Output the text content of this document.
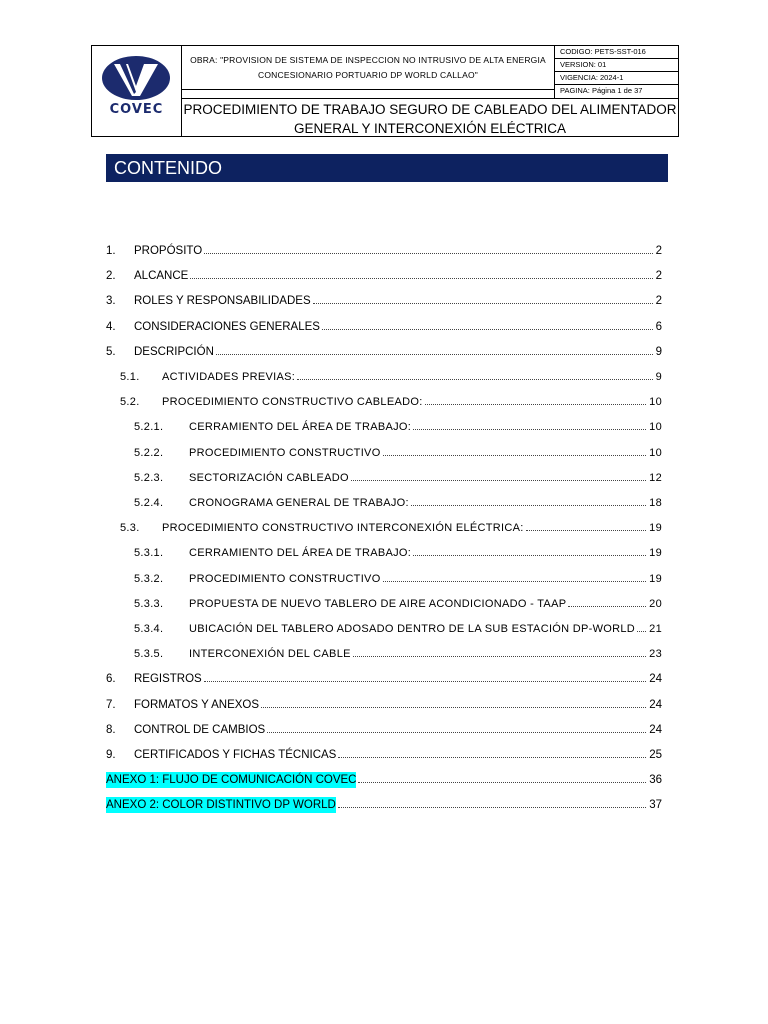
COVEC
OBRA: "PROVISION DE SISTEMA DE INSPECCION NO INTRUSIVO DE ALTA ENERGIA
CONCESIONARIO PORTUARIO DP WORLD CALLAO"
CODIGO: PETS-SST-016
VERSION: 01
VIGENCIA: 2024-1
PAGINA: Página 1 de 37
PROCEDIMIENTO DE TRABAJO SEGURO DE CABLEADO DEL ALIMENTADOR
GENERAL Y INTERCONEXIÓN ELÉCTRICA
CONTENIDO
1.	PROPÓSITO	2
2.	ALCANCE	2
3.	ROLES Y RESPONSABILIDADES	2
4.	CONSIDERACIONES GENERALES	6
5.	DESCRIPCIÓN	9
5.1.	ACTIVIDADES PREVIAS:	9
5.2.	PROCEDIMIENTO CONSTRUCTIVO CABLEADO:	10
5.2.1.	CERRAMIENTO DEL ÁREA DE TRABAJO:	10
5.2.2.	PROCEDIMIENTO CONSTRUCTIVO	10
5.2.3.	SECTORIZACIÓN CABLEADO	12
5.2.4.	CRONOGRAMA GENERAL DE TRABAJO:	18
5.3.	PROCEDIMIENTO CONSTRUCTIVO INTERCONEXIÓN ELÉCTRICA:	19
5.3.1.	CERRAMIENTO DEL ÁREA DE TRABAJO:	19
5.3.2.	PROCEDIMIENTO CONSTRUCTIVO	19
5.3.3.	PROPUESTA DE NUEVO TABLERO DE AIRE ACONDICIONADO - TAAP	20
5.3.4.	UBICACIÓN DEL TABLERO ADOSADO DENTRO DE LA SUB ESTACIÓN DP-WORLD 21
5.3.5.	INTERCONEXIÓN DEL CABLE	23
6.	REGISTROS	24
7.	FORMATOS Y ANEXOS	24
8.	CONTROL DE CAMBIOS	24
9.	CERTIFICADOS Y FICHAS TÉCNICAS	25
ANEXO 1: FLUJO DE COMUNICACIÓN COVEC	36
ANEXO 2: COLOR DISTINTIVO DP WORLD	37
